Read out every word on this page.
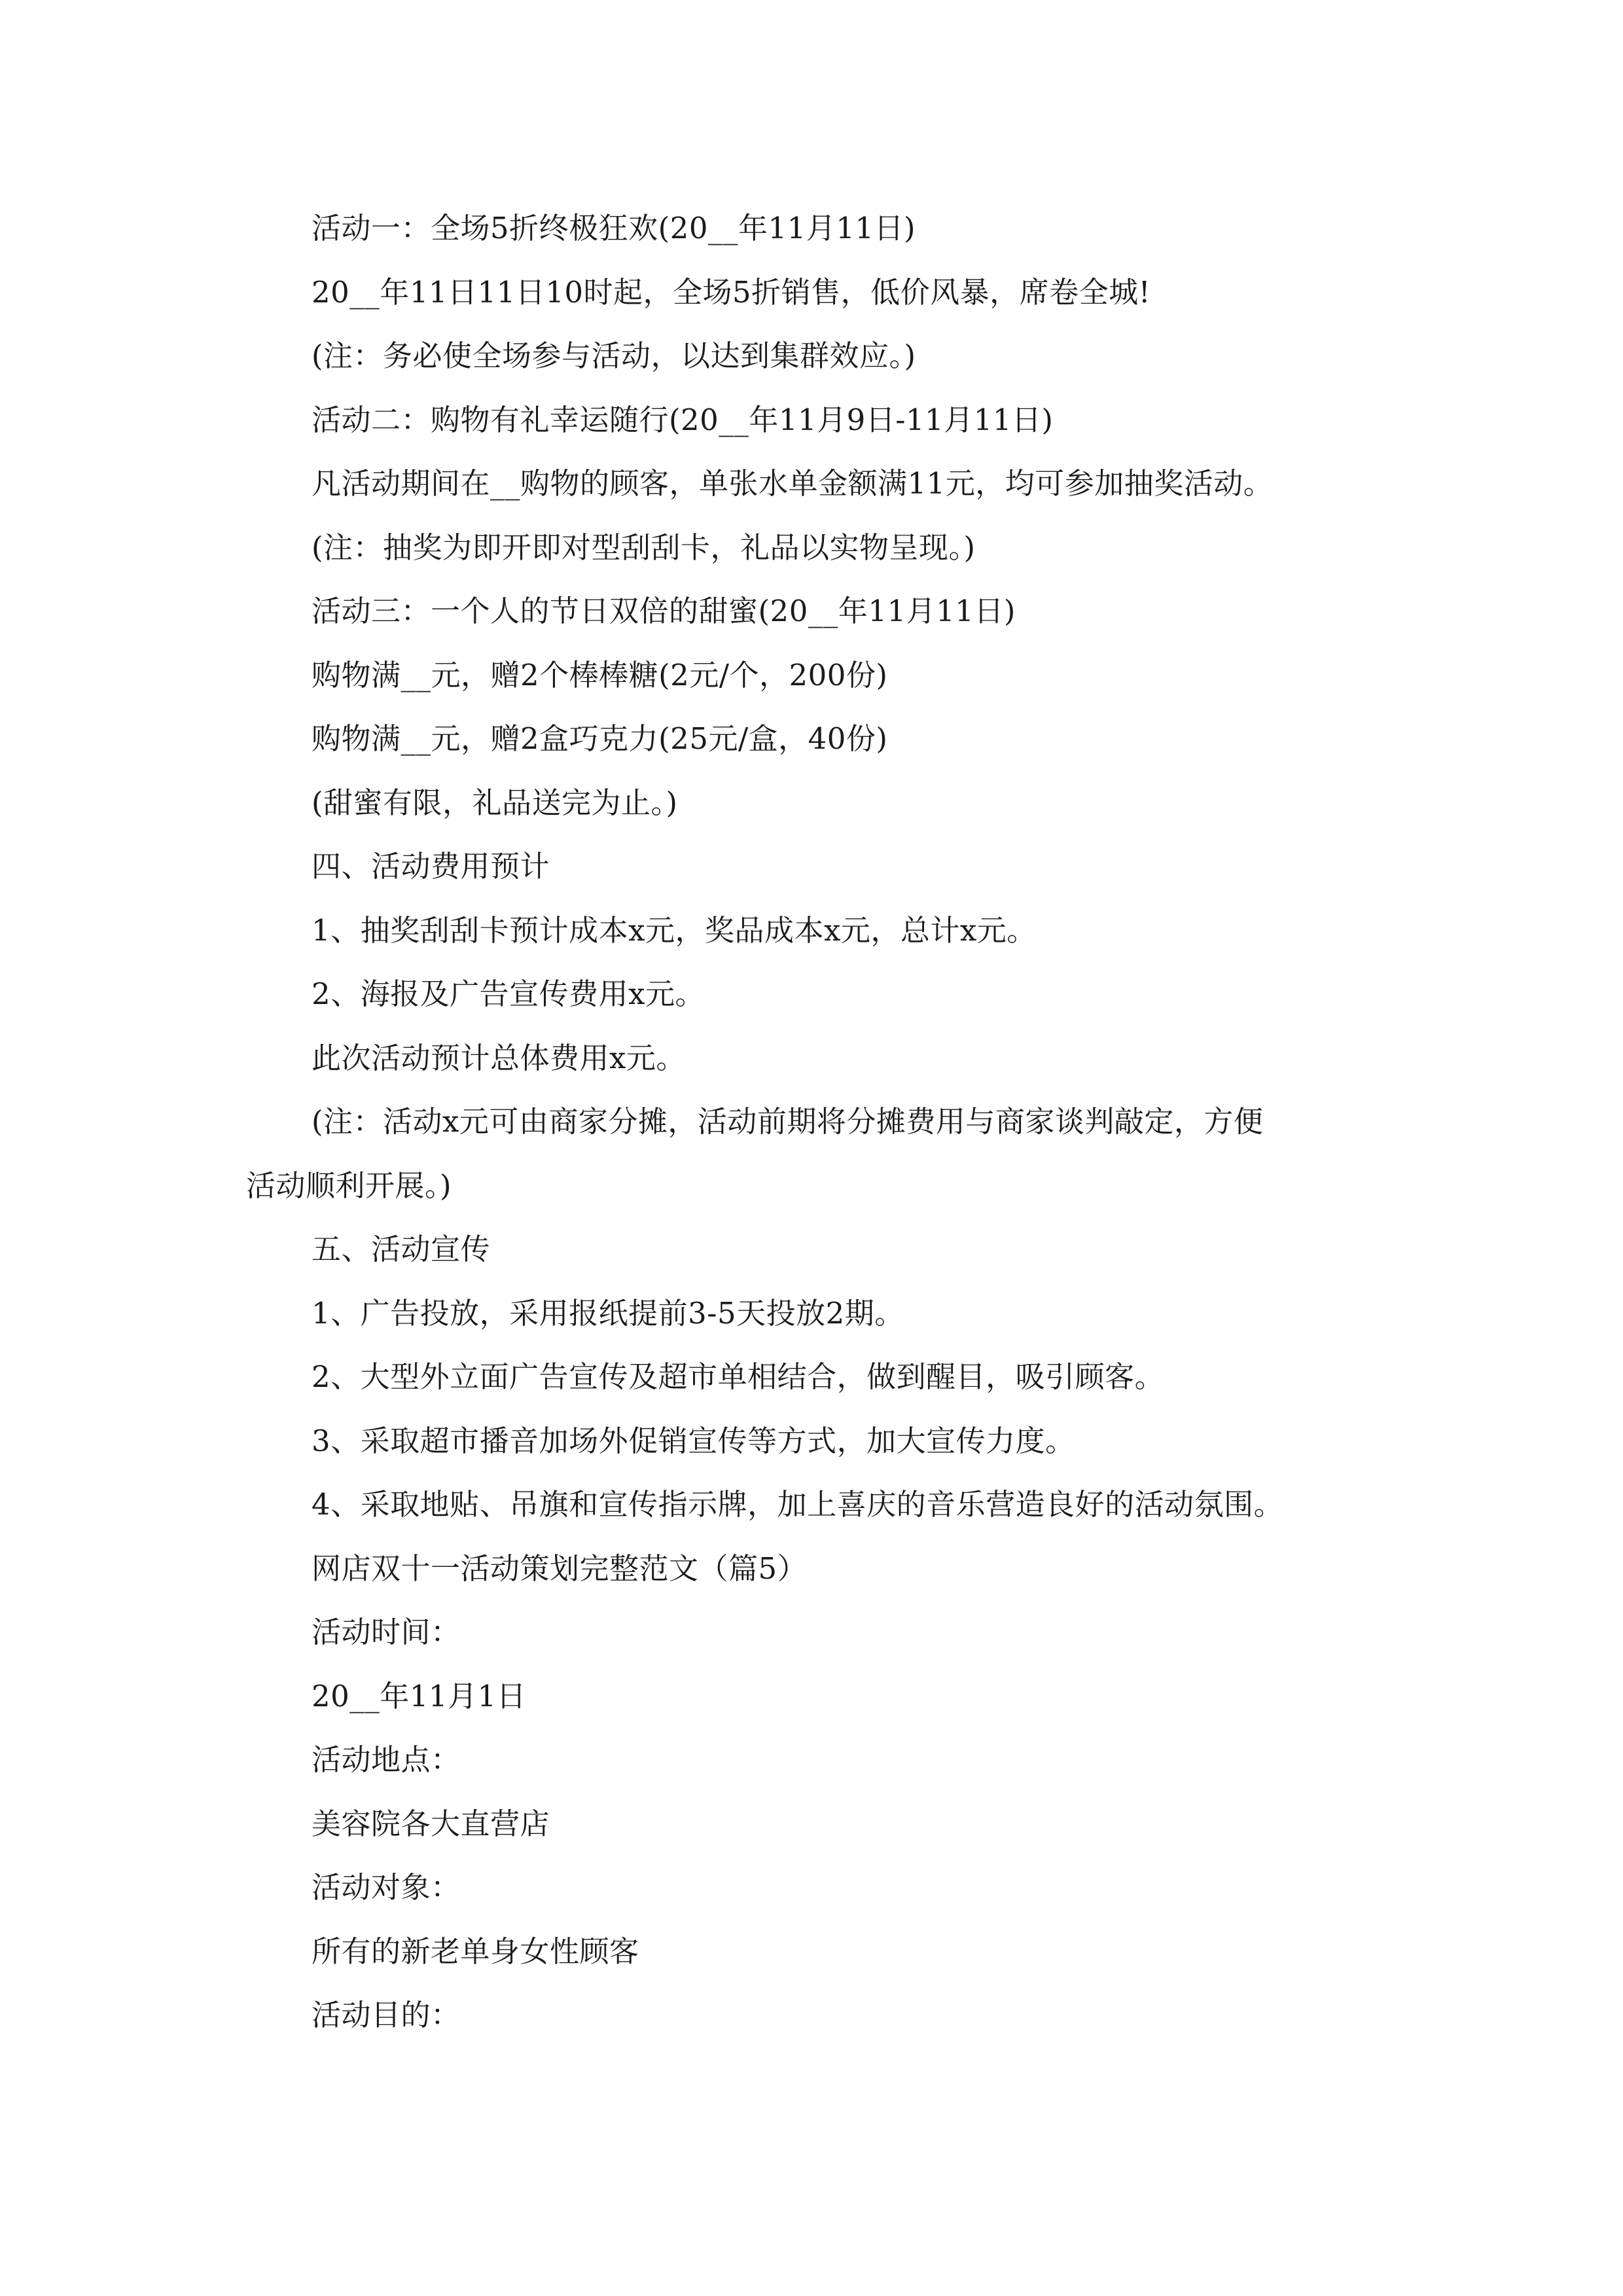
活动一：全场5折终极狂欢(20__年11月11日)
20__年11日11日10时起，全场5折销售，低价风暴，席卷全城!
(注：务必使全场参与活动，以达到集群效应。)
活动二：购物有礼幸运随行(20__年11月9日-11月11日)
凡活动期间在__购物的顾客，单张水单金额满11元，均可参加抽奖活动。
(注：抽奖为即开即对型刮刮卡，礼品以实物呈现。)
活动三：一个人的节日双倍的甜蜜(20__年11月11日)
购物满__元，赠2个棒棒糖(2元/个，200份)
购物满__元，赠2盒巧克力(25元/盒，40份)
(甜蜜有限，礼品送完为止。)
四、活动费用预计
1、抽奖刮刮卡预计成本x元，奖品成本x元，总计x元。
2、海报及广告宣传费用x元。
此次活动预计总体费用x元。
(注：活动x元可由商家分摊，活动前期将分摊费用与商家谈判敲定，方便
活动顺利开展。)
五、活动宣传
1、广告投放，采用报纸提前3-5天投放2期。
2、大型外立面广告宣传及超市单相结合，做到醒目，吸引顾客。
3、采取超市播音加场外促销宣传等方式，加大宣传力度。
4、采取地贴、吊旗和宣传指示牌，加上喜庆的音乐营造良好的活动氛围。
网店双十一活动策划完整范文（篇5）
活动时间：
20__年11月1日
活动地点：
美容院各大直营店
活动对象：
所有的新老单身女性顾客
活动目的：
